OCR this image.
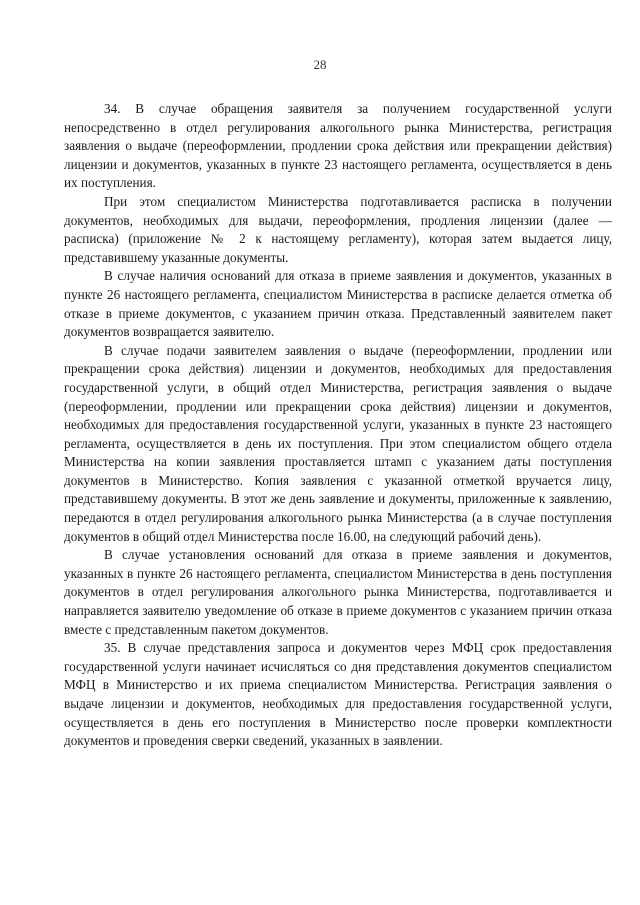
28

34. В случае обращения заявителя за получением государственной услуги непосредственно в отдел регулирования алкогольного рынка Министерства, регистрация заявления о выдаче (переоформлении, продлении срока действия или прекращении действия) лицензии и документов, указанных в пункте 23 настоящего регламента, осуществляется в день их поступления.

При этом специалистом Министерства подготавливается расписка в получении документов, необходимых для выдачи, переоформления, продления лицензии (далее — расписка) (приложение № 2 к настоящему регламенту), которая затем выдается лицу, представившему указанные документы.

В случае наличия оснований для отказа в приеме заявления и документов, указанных в пункте 26 настоящего регламента, специалистом Министерства в расписке делается отметка об отказе в приеме документов, с указанием причин отказа. Представленный заявителем пакет документов возвращается заявителю.

В случае подачи заявителем заявления о выдаче (переоформлении, продлении или прекращении срока действия) лицензии и документов, необходимых для предоставления государственной услуги, в общий отдел Министерства, регистрация заявления о выдаче (переоформлении, продлении или прекращении срока действия) лицензии и документов, необходимых для предоставления государственной услуги, указанных в пункте 23 настоящего регламента, осуществляется в день их поступления. При этом специалистом общего отдела Министерства на копии заявления проставляется штамп с указанием даты поступления документов в Министерство. Копия заявления с указанной отметкой вручается лицу, представившему документы. В этот же день заявление и документы, приложенные к заявлению, передаются в отдел регулирования алкогольного рынка Министерства (а в случае поступления документов в общий отдел Министерства после 16.00, на следующий рабочий день).

В случае установления оснований для отказа в приеме заявления и документов, указанных в пункте 26 настоящего регламента, специалистом Министерства в день поступления документов в отдел регулирования алкогольного рынка Министерства, подготавливается и направляется заявителю уведомление об отказе в приеме документов с указанием причин отказа вместе с представленным пакетом документов.

35. В случае представления запроса и документов через МФЦ срок предоставления государственной услуги начинает исчисляться со дня представления документов специалистом МФЦ в Министерство и их приема специалистом Министерства. Регистрация заявления о выдаче лицензии и документов, необходимых для предоставления государственной услуги, осуществляется в день его поступления в Министерство после проверки комплектности документов и проведения сверки сведений, указанных в заявлении.
